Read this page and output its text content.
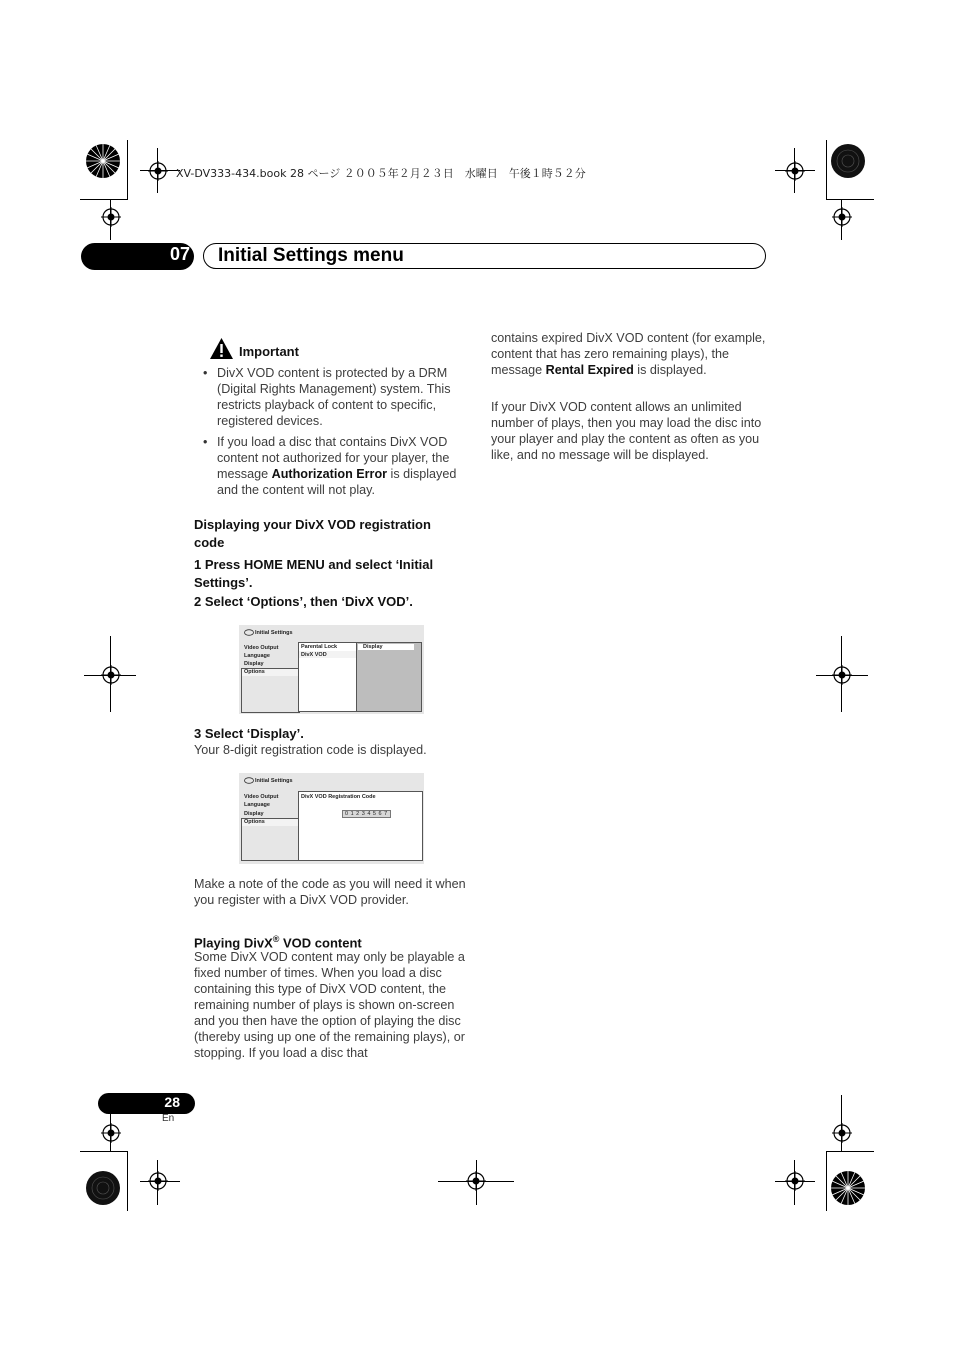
XV-DV333-434.book 28 ページ ２００５年２月２３日　水曜日　午後１時５２分
07 Initial Settings menu
Important
• DivX VOD content is protected by a DRM (Digital Rights Management) system. This restricts playback of content to specific, registered devices.
• If you load a disc that contains DivX VOD content not authorized for your player, the message Authorization Error is displayed and the content will not play.
Displaying your DivX VOD registration code
1 Press HOME MENU and select ‘Initial Settings’.
2 Select ‘Options’, then ‘DivX VOD’.
Initial Settings
Video Output
Language
Display
Options
Parental Lock
DivX VOD
Display
3 Select ‘Display’.
Your 8-digit registration code is displayed.
Initial Settings
Video Output
Language
Display
Options
DivX VOD Registration Code
0 1 2 3 4 5 6 7
Make a note of the code as you will need it when you register with a DivX VOD provider.
Playing DivX® VOD content
Some DivX VOD content may only be playable a fixed number of times. When you load a disc containing this type of DivX VOD content, the remaining number of plays is shown on-screen and you then have the option of playing the disc (thereby using up one of the remaining plays), or stopping. If you load a disc that
contains expired DivX VOD content (for example, content that has zero remaining plays), the message Rental Expired is displayed.
If your DivX VOD content allows an unlimited number of plays, then you may load the disc into your player and play the content as often as you like, and no message will be displayed.
28
En
